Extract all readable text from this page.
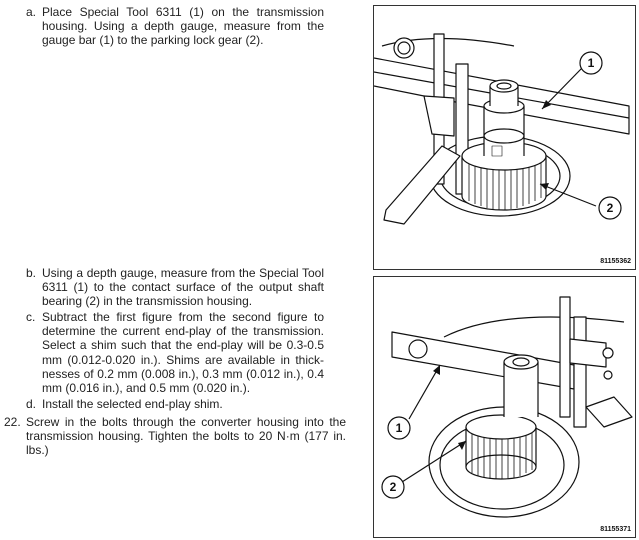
a. Place Special Tool 6311 (1) on the transmission housing. Using a depth gauge, measure from the gauge bar (1) to the parking lock gear (2).
b. Using a depth gauge, measure from the Special Tool 6311 (1) to the contact surface of the output shaft bearing (2) in the transmission housing.
c. Subtract the first figure from the second figure to determine the current end-play of the transmission. Select a shim such that the end-play will be 0.3-0.5 mm (0.012-0.020 in.). Shims are available in thick-nesses of 0.2 mm (0.008 in.), 0.3 mm (0.012 in.), 0.4 mm (0.016 in.), and 0.5 mm (0.020 in.).
d. Install the selected end-play shim.
22. Screw in the bolts through the converter housing into the transmission housing. Tighten the bolts to 20 N·m (177 in. lbs.)
1
2
81155362
1
2
81155371
